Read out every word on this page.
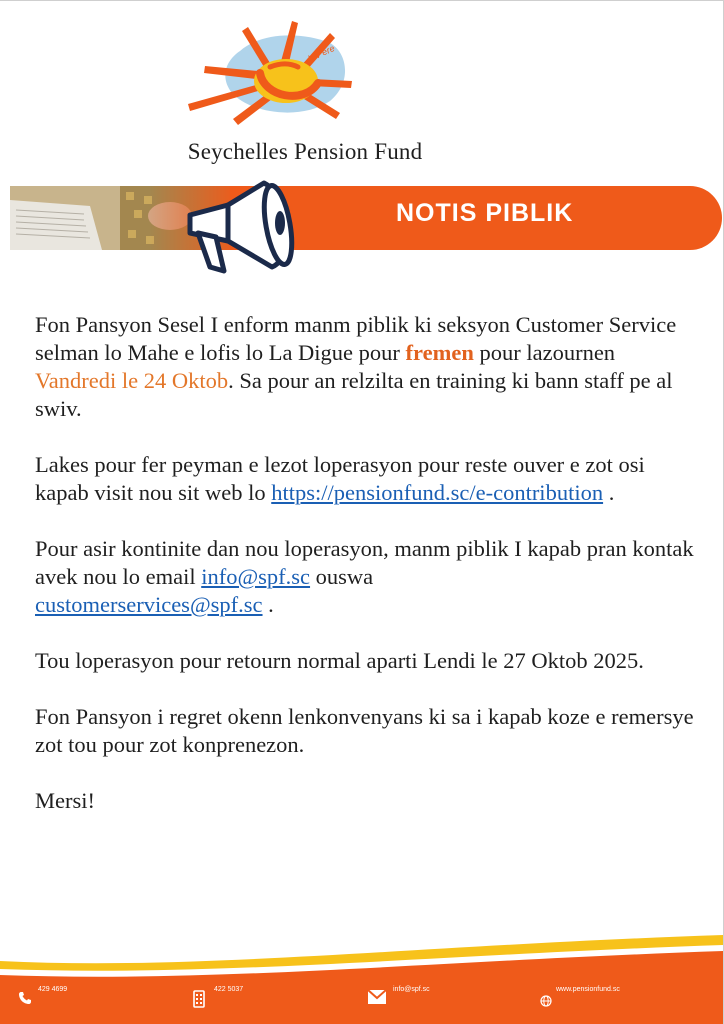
Viv ere
Seychelles Pension Fund
NOTIS PIBLIK

Fon Pansyon Sesel I enform manm piblik ki seksyon Customer Service selman lo Mahe e lofis lo La Digue pour fremen pour lazournen Vandredi le 24 Oktob. Sa pour an relzilta en training ki bann staff pe al swiv.

Lakes pour fer peyman e lezot loperasyon pour reste ouver e zot osi kapab visit nou sit web lo https://pensionfund.sc/e-contribution .

Pour asir kontinite dan nou loperasyon, manm piblik I kapab pran kontak avek nou lo email info@spf.sc ouswa
customerservices@spf.sc .

Tou loperasyon pour retourn normal aparti Lendi le 27 Oktob 2025.

Fon Pansyon i regret okenn lenkonvenyans ki sa i kapab koze e remersye zot tou pour zot konprenezon.

Mersi!

429 4699	422 5037	info@spf.sc	www.pensionfund.sc
